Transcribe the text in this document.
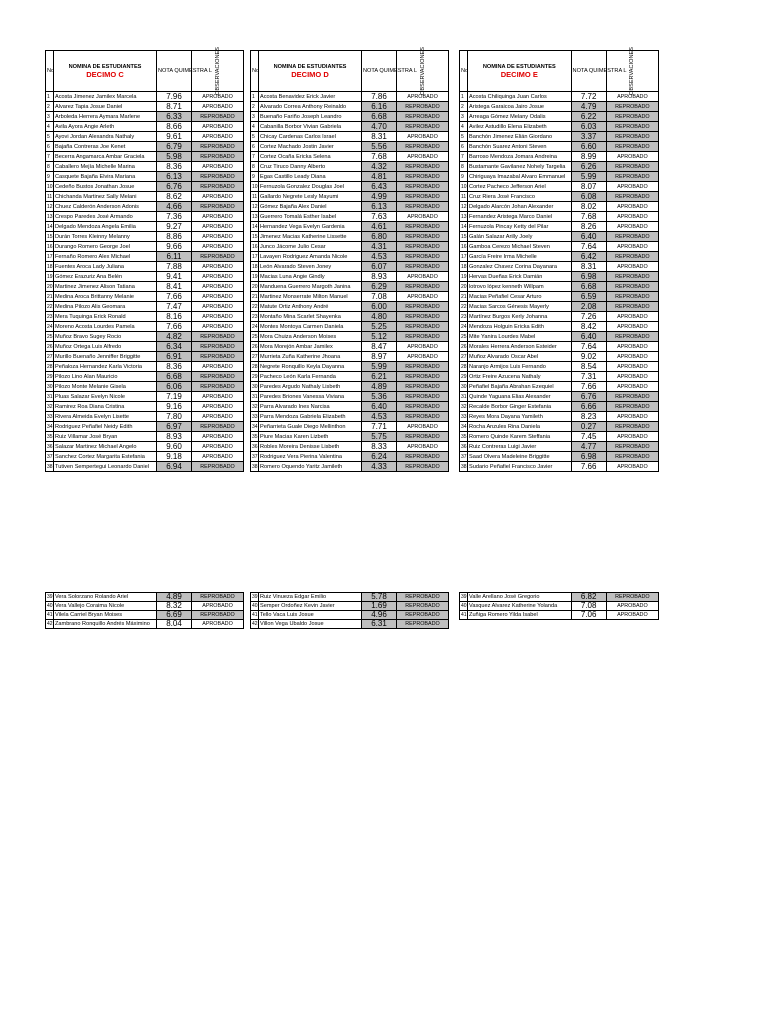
No	NOMINA DE ESTUDIANTES
DECIMO C	NOTA QUIMESTRA L	OBSERVACIONES
1	Acosta Jimenez Jamilex Marcela	7.96	APROBADO
2	Alvarez Tapia Josue Daniel	8.71	APROBADO
3	Arboleda Herrera Aymara Marlene	6.33	REPROBADO
4	Avila Ayora Angie Arleth	8.66	APROBADO
5	Ayovi Jordan Alexandra Nathaly	9.61	APROBADO
6	Bajaña Contreras Joe Kenet	6.79	REPROBADO
7	Becerra Angamarca Ambar Graciela	5.98	REPROBADO
8	Caballero Mejía Michelle Marina	8.36	APROBADO
9	Casquete Bajaña Elvira Mariana	6.13	REPROBADO
10	Cedeño Bustos Jonathan Josue	6.76	REPROBADO
11	Chichanda Martinez Sally Melani	8.62	APROBADO
12	Chuez Calderón Anderson Adonis	4.66	REPROBADO
13	Crespo Paredes José Armando	7.36	APROBADO
14	Delgado Mendoza Angela Emilia	9.27	APROBADO
15	Durán Torres Kleinny Melanny	8.86	APROBADO
16	Durango Romero George Joel	9.66	APROBADO
17	Fernaño Romero Alex Michael	6.11	REPROBADO
18	Fuentes Aroca Lady Juliana	7.88	APROBADO
19	Gómez Erazuriz Ana Belén	9.41	APROBADO
20	Martinez Jimenez Alison Tatiana	8.41	APROBADO
21	Medina Aroca Brittanny Melanie	7.66	APROBADO
22	Medina Pilozo Alis Geomara	7.47	APROBADO
23	Mera Tuquinga Erick Ronald	8.16	APROBADO
24	Moreno Acosta Lourdes Pamela	7.66	APROBADO
25	Muñoz Bravo Sugey Rocio	4.82	REPROBADO
26	Muñoz Ortega Luis Alfredo	6.34	REPROBADO
27	Murillo Buenaño Jenniffer Briggitte	6.91	REPROBADO
28	Peñaloza Hernandez Karla Victoria	8.36	APROBADO
29	Pilozo Lino Alan Mauricio	6.68	REPROBADO
30	Pilozo Monte Melanie Gisela	6.06	REPROBADO
31	Pluas Salazar Evelyn Nicole	7.19	APROBADO
32	Ramirez Roa Diana Cristina	9.16	APROBADO
33	Rivera Almeida Evelyn Lisette	7.80	APROBADO
34	Rodriguez Peñafiel Neidy Edith	6.97	REPROBADO
35	Ruiz Villamar José Bryan	8.93	APROBADO
36	Salazar Martinez Michael Angelo	9.60	APROBADO
37	Sanchez Cortez Margarita Estefania	9.18	APROBADO
38	Tutiven Sempertegui Leonardo Daniel	6.94	REPROBADO
No	NOMINA DE ESTUDIANTES
DECIMO D	NOTA QUIMESTRA L	OBSERVACIONES
1	Acosta Benavidez Erick Javier	7.86	APROBADO
2	Alvarado Correa Anthony Reinaldo	6.16	REPROBADO
3	Buenaño Fariño Joseph Leandro	6.68	REPROBADO
4	Cabanilla Borbor Vivian Gabriela	4.70	REPROBADO
5	Chicay Cardenas Carlos Israel	8.31	APROBADO
6	Cortez Machado Jostin Javier	5.56	REPROBADO
7	Cortez Ocaña Ericka Selena	7.68	APROBADO
8	Cruz Tiruco Danny Alberto	4.32	REPROBADO
9	Egas Castillo Leady Diana	4.81	REPROBADO
10	Fernuzola Gonzalez Douglas Joel	6.43	REPROBADO
11	Gallardo Negrete Lesly Mayumi	4.99	REPROBADO
12	Gómez Bajaña Alex Daniel	6.13	REPROBADO
13	Guerrero Tomalá Esther Isabel	7.63	APROBADO
14	Hernandez Vega Evelyn Gardenia	4.61	REPROBADO
15	Jimenez Macias Katherine Lissette	6.80	REPROBADO
16	Junco Jácome Julio Cesar	4.31	REPROBADO
17	Lavayen Rodriguez Amanda Nicole	4.53	REPROBADO
18	León Alvarado Steven Joney	6.07	REPROBADO
19	Macias Luna Angie Gindly	8.93	APROBADO
20	Manduena Guerrero Margoth Janina	6.29	REPROBADO
21	Martinez Monserrate Milton Manuel	7.08	APROBADO
22	Matute Ortiz Anthony André	6.00	REPROBADO
23	Montaño Mina Scarlet Shayenka	4.80	REPROBADO
24	Montes Montoya Carmen Daniela	5.25	REPROBADO
25	Mora Chuiza Anderson Moises	5.12	REPROBADO
26	Mora Morejón Ambar Jamilex	8.47	APROBADO
27	Murrieta Zuña Katherine Jhoana	8.97	APROBADO
28	Negrete Ronquillo Keyla Dayanna	5.99	REPROBADO
29	Pacheco León Karla Fernanda	6.21	REPROBADO
30	Paredes Argudo Nathaly Lisbeth	4.89	REPROBADO
31	Paredes Briones Vanessa Viviana	5.36	REPROBADO
32	Parra Alvarado Ines Narcisa	6.40	REPROBADO
33	Parra Mendoza Gabriela Elizabeth	4.53	REPROBADO
34	Peñarrieta Guale Diego Mellinthon	7.71	APROBADO
35	Piure Macias Karen Lizbeth	5.75	REPROBADO
36	Robles Moreira Denisse Lisbeth	8.33	APROBADO
37	Rodriguez Vera Pierina Valentina	6.24	REPROBADO
38	Romero Oquendo Yaritz Jamileth	4.33	REPROBADO
No	NOMINA DE ESTUDIANTES
DECIMO E	NOTA QUIMESTRA L	OBSERVACIONES
1	Acosta Chiliquinga Juan Carlos	7.72	APROBADO
2	Aristega Garaicoa Jairo Josue	4.79	REPROBADO
3	Arreaga Gómez Melany Odalis	6.22	REPROBADO
4	Avilez Astudillo Elena Elizabeth	6.03	REPROBADO
5	Banchón Jimenez Elián Giordano	3.37	REPROBADO
6	Banchón Suarez Antoni Steven	6.60	REPROBADO
7	Barroso Mendoza Jomara Andreina	8.99	APROBADO
8	Bustamante Gavilanez Nohely Targelia	6.26	REPROBADO
9	Chiriguaya Imazabal Alvaro Emmanuel	5.99	REPROBADO
10	Cortez Pacheco Jefferson Ariel	8.07	APROBADO
11	Cruz Riera José Francisco	6.08	REPROBADO
12	Delgado Alarcón Johan Alexander	8.02	APROBADO
13	Fernandez Aristega Marco Daniel	7.68	APROBADO
14	Fernuzola Pincay Ketty del Pilar	8.26	APROBADO
15	Galán Salazar Arilly Joely	6.40	REPROBADO
16	Gamboa Cerezo Michael Steven	7.64	APROBADO
17	García Freire Irma Michelle	6.42	REPROBADO
18	Gonzalez Chavez Corina Dayanara	8.31	APROBADO
19	Hervas Dueñas Erick Damián	6.98	REPROBADO
20	lotrovo lópez kenneth Willpam	6.68	REPROBADO
21	Macias Peñafiel Cesar Arturo	6.59	REPROBADO
22	Macias Sarcos Génesis Mayerly	2.08	REPROBADO
23	Martínez Burgos Kerly Johanna	7.26	APROBADO
24	Mendoza Holguin Ericka Edith	8.42	APROBADO
25	Mite Yanira Lourdes Mabel	6.40	REPROBADO
26	Morales Herrera Anderson Esteider	7.64	APROBADO
27	Muñoz Alvarado Oscar Abel	9.02	APROBADO
28	Naranjo Armijos Luis Fernando	8.54	APROBADO
29	Ortiz Freire Azucena Nathaly	7.31	APROBADO
30	Peñafiel Bajaña Abrahan Ezequiel	7.66	APROBADO
31	Quinde Yaguana Elias Alexander	6.76	REPROBADO
32	Recalde Borbor Ginger Estefania	6.66	REPROBADO
33	Reyes Mora Dayana Yamileth	8.23	APROBADO
34	Rocha Anzules Rina Daniela	0.27	REPROBADO
35	Romero Quinde Karem Steffania	7.45	APROBADO
36	Ruiz Contreras Luigi Javier	4.77	REPROBADO
37	Saad Olvera Madeleine Briggitte	6.98	REPROBADO
38	Sudario Peñafiel Francisco Javier	7.66	APROBADO
39	Vera Solorzano Rolando Ariel	4.89	REPROBADO
40	Vera Vallejo Coraima Nicole	8.32	APROBADO
41	Vilela Carriel Bryan Moises	6.69	REPROBADO
42	Zambrano Ronquillo Andrés Máximino	8.04	APROBADO
39	Ruiz Vinueza Edgar Emilio	5.78	REPROBADO
40	Semper Ordoñez Kevin Javier	1.69	REPROBADO
41	Tello Vaca Luis Josue	4.96	REPROBADO
42	Villon Vega Ubaldo Josue	6.31	REPROBADO
39	Valle Arellano José Gregorio	6.82	REPROBADO
40	Vasquez Alvarez Katherine Yolanda	7.08	APROBADO
41	Zuñiga Romero Yilda Isabel	7.06	APROBADO
